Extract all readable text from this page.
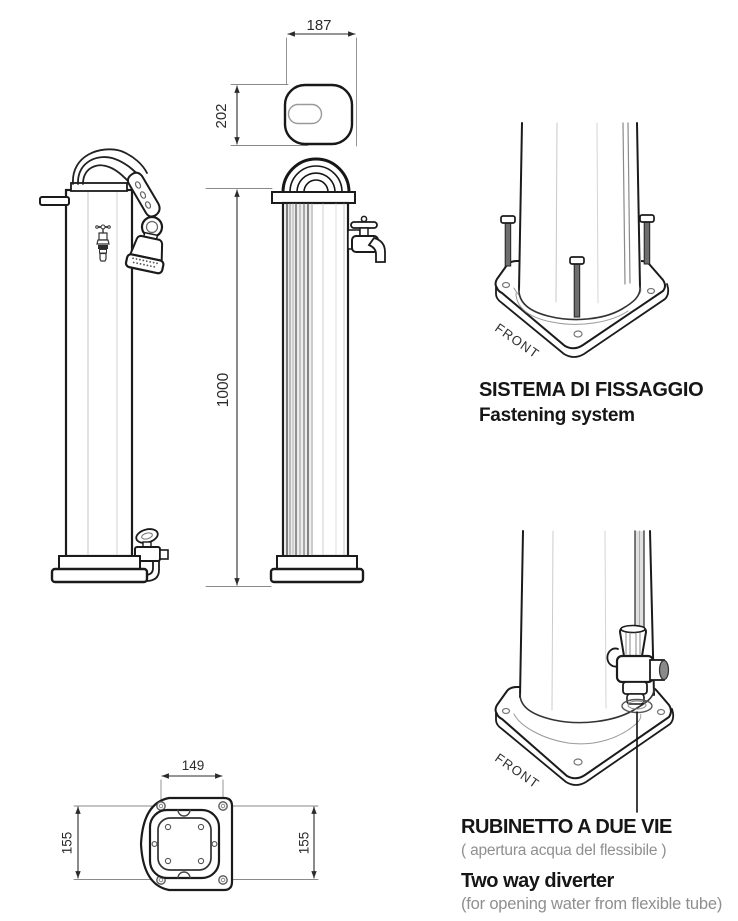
187
202
1000
FRONT
FRONT
149
155	155
SISTEMA DI FISSAGGIO
Fastening system
RUBINETTO A DUE VIE
( apertura acqua del flessibile )
Two way diverter
(for opening water from flexible tube)
